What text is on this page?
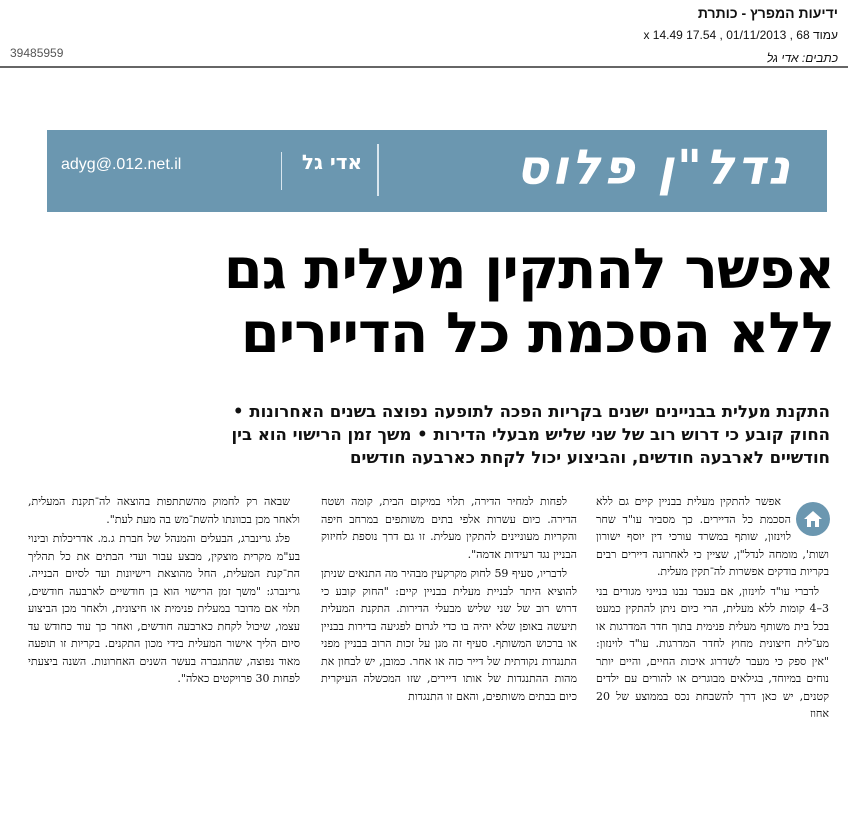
ידיעות המפרץ - כותרת
עמוד 68 , 01/11/2013 , 17.54 x 14.49
כתבים: אדי גל
39485959
נדל"ן פלוס
אדי גל
adyg@.012.net.il
אפשר להתקין מעלית גם
ללא הסכמת כל הדיירים
התקנת מעלית בבניינים ישנים בקריות הפכה לתופעה נפוצה בשנים האחרונות •
החוק קובע כי דרוש רוב של שני שליש מבעלי הדירות • משך זמן הרישוי הוא בין
חודשיים לארבעה חודשים, והביצוע יכול לקחת כארבעה חודשים

אפשר להתקין מעלית בבניין קיים גם ללא הסכמת כל הדיירים. כך מסביר עו"ד שחר לוינזון, שותף במשרד עורכי דין יוסף ישורון ושות', מומחה לנדל"ן, שציין כי לאחרונה דיירים רבים בקריות בודקים אפשרות לה־תקין מעלית.

לדברי עו"ד לוינזון, אם בעבר נבנו בנייני מגורים בני 3–4 קומות ללא מעלית, הרי כיום ניתן להתקין כמעט בכל בית משותף מעלית פנימית בתוך חדר המדרגות או מע־לית חיצונית מחוץ לחדר המדרגות. עו"ד לוינזון: "אין ספק כי מעבר לשדרוג איכות החיים, והיים יותר נוחים במיוחד, בגילאים מבוגרים או להורים עם ילדים קטנים, יש כאן דרך להשבחת נכס בממוצע של 20 אחוז

לפחות למחיר הדירה, תלוי במיקום הבית, קומה ושטח הדירה. כיום עשרות אלפי בתים משותפים במרחב חיפה והקריות מעוניינים להתקין מעלית. זו גם דרך נוספת לחיזוק הבניין נגד רעידות אדמה".

לדבריו, סעיף 59 לחוק מקרקעין מבהיר מה התנאים שניתן להוציא היתר לבניית מעלית בבניין קיים: "החוק קובע כי דרוש רוב של שני שליש מבעלי הדירות. התקנת המעלית תיעשה באופן שלא יהיה בו כדי לגרום לפגיעה בדירות בבניין או ברכוש המשותף. סעיף זה מגן על זכות הרוב בבניין מפני התנגדות נקודתית של דייר כזה או אחר. כמובן, יש לבחון את מהות ההתנגדות של אותו דיירים, שזו המכשלה העיקרית כיום בבתים משותפים, והאם זו התנגדות

שבאה רק לחמוק מהשתתפות בהוצאה לה־תקנת המעלית, ולאחר מכן בכוונתו להשת־מש בה מעת לעת".

פלג גרינברג, הבעלים והמנהל של חברת ג.מ. אדריכלות ובינוי בע"מ מקרית מוצקין, מבצע עבור ועדי הבתים את כל תהליך הת־קנת המעלית, החל מהוצאת רישיונות ועד לסיום הבנייה. גרינברג: "משך זמן הרישוי הוא בן חודשיים לארבעה חודשים, תלוי אם מדובר במעלית פנימית או חיצונית, ולאחר מכן הביצוע עצמו, שיכול לקחת כארבעה חודשים, ואחר כך עוד כחודש עד סיום הליך אישור המעלית בידי מכון התקנים. בקריות זו תופעה מאוד נפוצה, שהתגברה בעשר השנים האחרונות. השנה ביצעתי לפחות 30 פרויקטים כאלה".
